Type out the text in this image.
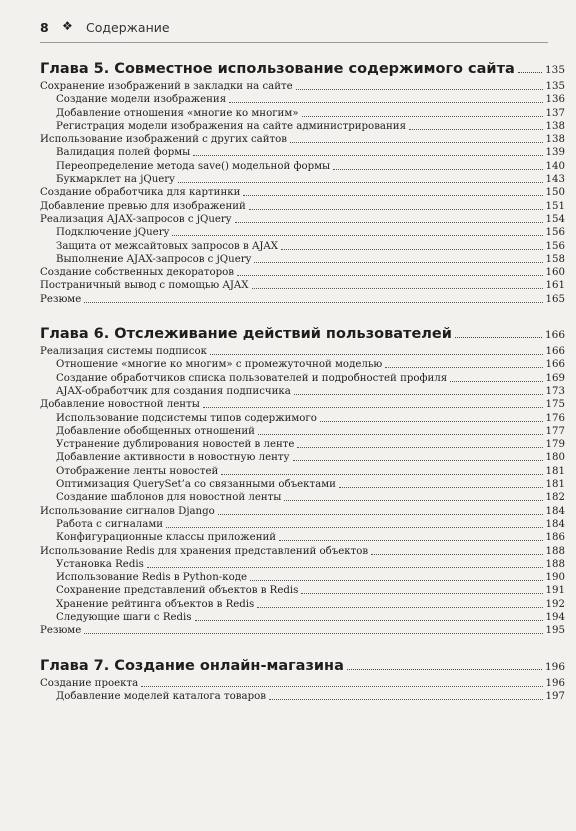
8 ❖ Содержание
Глава 5. Совместное использование содержимого сайта	135
Сохранение изображений в закладки на сайте	135
Создание модели изображения	136
Добавление отношения «многие ко многим»	137
Регистрация модели изображения на сайте администрирования	138
Использование изображений с других сайтов	138
Валидация полей формы	139
Переопределение метода save() модельной формы	140
Букмарклет на jQuery	143
Создание обработчика для картинки	150
Добавление превью для изображений	151
Реализация AJAX-запросов с jQuery	154
Подключение jQuery	156
Защита от межсайтовых запросов в AJAX	156
Выполнение AJAX-запросов с jQuery	158
Создание собственных декораторов	160
Постраничный вывод с помощью AJAX	161
Резюме	165
Глава 6. Отслеживание действий пользователей	166
Реализация системы подписок	166
Отношение «многие ко многим» с промежуточной моделью	166
Создание обработчиков списка пользователей и подробностей профиля	169
AJAX-обработчик для создания подписчика	173
Добавление новостной ленты	175
Использование подсистемы типов содержимого	176
Добавление обобщенных отношений	177
Устранение дублирования новостей в ленте	179
Добавление активности в новостную ленту	180
Отображение ленты новостей	181
Оптимизация QuerySet’а со связанными объектами	181
Создание шаблонов для новостной ленты	182
Использование сигналов Django	184
Работа с сигналами	184
Конфигурационные классы приложений	186
Использование Redis для хранения представлений объектов	188
Установка Redis	188
Использование Redis в Python-коде	190
Сохранение представлений объектов в Redis	191
Хранение рейтинга объектов в Redis	192
Следующие шаги с Redis	194
Резюме	195
Глава 7. Создание онлайн-магазина	196
Создание проекта	196
Добавление моделей каталога товаров	197
